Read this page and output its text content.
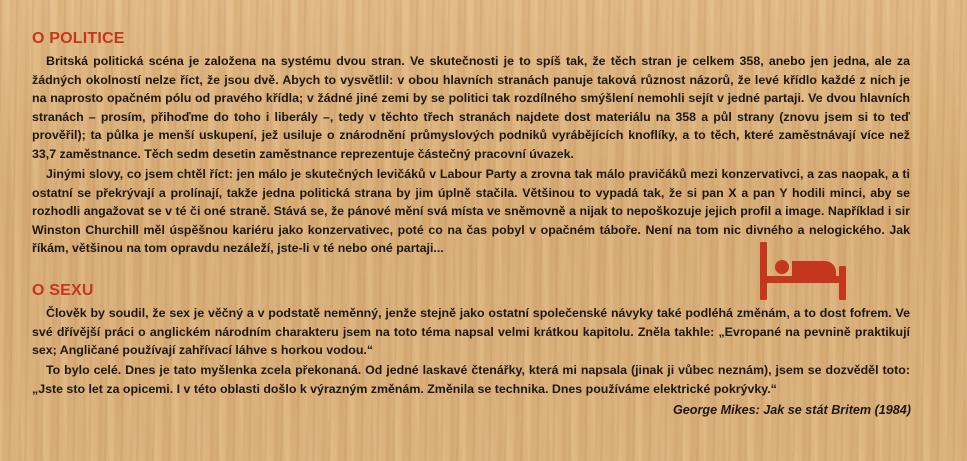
O POLITICE

Britská politická scéna je založena na systému dvou stran. Ve skutečnosti je to spíš tak, že těch stran je celkem 358, anebo jen jedna, ale za žádných okolností nelze říct, že jsou dvě. Abych to vysvětlil: v obou hlavních stranách panuje taková různost názorů, že levé křídlo každé z nich je na naprosto opačném pólu od pravého křídla; v žádné jiné zemi by se politici tak rozdílného smýšlení nemohli sejít v jedné partaji. Ve dvou hlavních stranách – prosím, přihoďme do toho i liberály –, tedy v těchto třech stranách najdete dost materiálu na 358 a půl strany (znovu jsem si to teď prověřil); ta půlka je menší uskupení, jež usiluje o znárodnění průmyslových podniků vyrábějících knoflíky, a to těch, které zaměstnávají více než 33,7 zaměstnance. Těch sedm desetin zaměstnance reprezentuje částečný pracovní úvazek.

Jinými slovy, co jsem chtěl říct: jen málo je skutečných levičáků v Labour Party a zrovna tak málo pravičáků mezi konzervativci, a zas naopak, a ti ostatní se překrývají a prolínají, takže jedna politická strana by jim úplně stačila. Většinou to vypadá tak, že si pan X a pan Y hodili minci, aby se rozhodli angažovat se v té či oné straně. Stává se, že pánové mění svá místa ve sněmovně a nijak to nepoškozuje jejich profil a image. Například i sir Winston Churchill měl úspěšnou kariéru jako konzervativec, poté co na čas pobyl v opačném táboře. Není na tom nic divného a nelogického. Jak říkám, většinou na tom opravdu nezáleží, jste-li v té nebo oné partaji...

O SEXU

Člověk by soudil, že sex je věčný a v podstatě neměnný, jenže stejně jako ostatní společenské návyky také podléhá změnám, a to dost fofrem. Ve své dřívější práci o anglickém národním charakteru jsem na toto téma napsal velmi krátkou kapitolu. Zněla takhle: „Evropané na pevnině praktikují sex; Angličané používají zahřívací láhve s horkou vodou.“

To bylo celé. Dnes je tato myšlenka zcela překonaná. Od jedné laskavé čtenářky, která mi napsala (jinak ji vůbec neznám), jsem se dozvěděl toto: „Jste sto let za opicemi. I v této oblasti došlo k výrazným změnám. Změnila se technika. Dnes používáme elektrické pokrývky.“

George Mikes: Jak se stát Britem (1984)
